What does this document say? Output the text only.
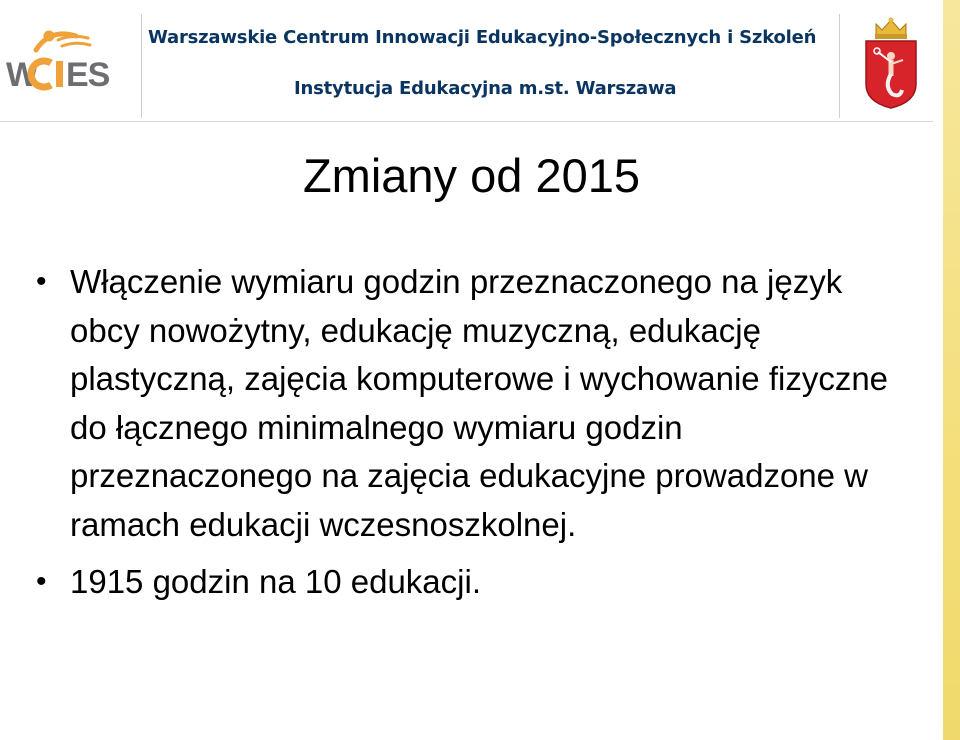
W ES
Warszawskie Centrum Innowacji Edukacyjno-Społecznych i Szkoleń
Instytucja Edukacyjna m.st. Warszawa
Zmiany od 2015
• Włączenie wymiaru godzin przeznaczonego na język obcy nowożytny, edukację muzyczną, edukację plastyczną, zajęcia komputerowe i wychowanie fizyczne do łącznego minimalnego wymiaru godzin przeznaczonego na zajęcia edukacyjne prowadzone w ramach edukacji wczesnoszkolnej.
• 1915 godzin na 10 edukacji.
